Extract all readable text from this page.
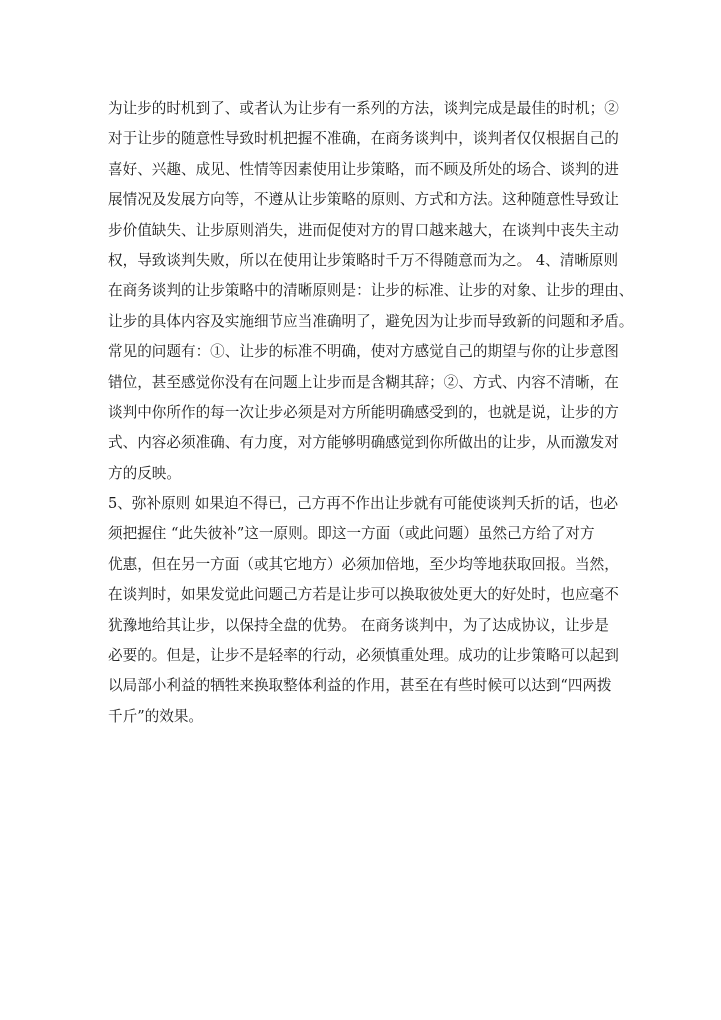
为让步的时机到了、或者认为让步有一系列的方法，谈判完成是最佳的时机；②
对于让步的随意性导致时机把握不准确，在商务谈判中，谈判者仅仅根据自己的
喜好、兴趣、成见、性情等因素使用让步策略，而不顾及所处的场合、谈判的进
展情况及发展方向等，不遵从让步策略的原则、方式和方法。这种随意性导致让
步价值缺失、让步原则消失，进而促使对方的胃口越来越大，在谈判中丧失主动
权，导致谈判失败，所以在使用让步策略时千万不得随意而为之。 4、清晰原则
在商务谈判的让步策略中的清晰原则是：让步的标准、让步的对象、让步的理由、
让步的具体内容及实施细节应当准确明了，避免因为让步而导致新的问题和矛盾。
常见的问题有：①、让步的标准不明确，使对方感觉自己的期望与你的让步意图
错位，甚至感觉你没有在问题上让步而是含糊其辞；②、方式、内容不清晰，在
谈判中你所作的每一次让步必须是对方所能明确感受到的，也就是说，让步的方
式、内容必须准确、有力度，对方能够明确感觉到你所做出的让步，从而激发对
方的反映。
5、弥补原则 如果迫不得已，己方再不作出让步就有可能使谈判夭折的话，也必
须把握住 “此失彼补”这一原则。即这一方面（或此问题）虽然己方给了对方
优惠，但在另一方面（或其它地方）必须加倍地，至少均等地获取回报。当然，
在谈判时，如果发觉此问题己方若是让步可以换取彼处更大的好处时，也应毫不
犹豫地给其让步，以保持全盘的优势。 在商务谈判中，为了达成协议，让步是
必要的。但是，让步不是轻率的行动，必须慎重处理。成功的让步策略可以起到
以局部小利益的牺牲来换取整体利益的作用，甚至在有些时候可以达到“四两拨
千斤”的效果。
